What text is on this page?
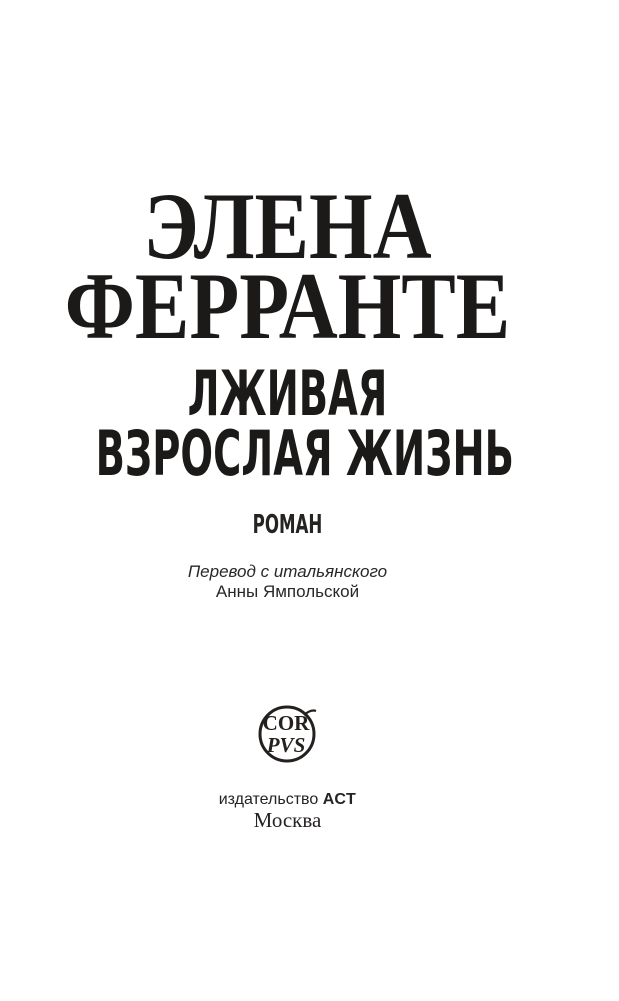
ЭЛЕНА
ФЕРРАНТЕ
ЛЖИВАЯ
ВЗРОСЛАЯ ЖИЗНЬ
РОМАН
Перевод с итальянского
Анны Ямпольской
COR
PVS
издательство АСТ
Москва
